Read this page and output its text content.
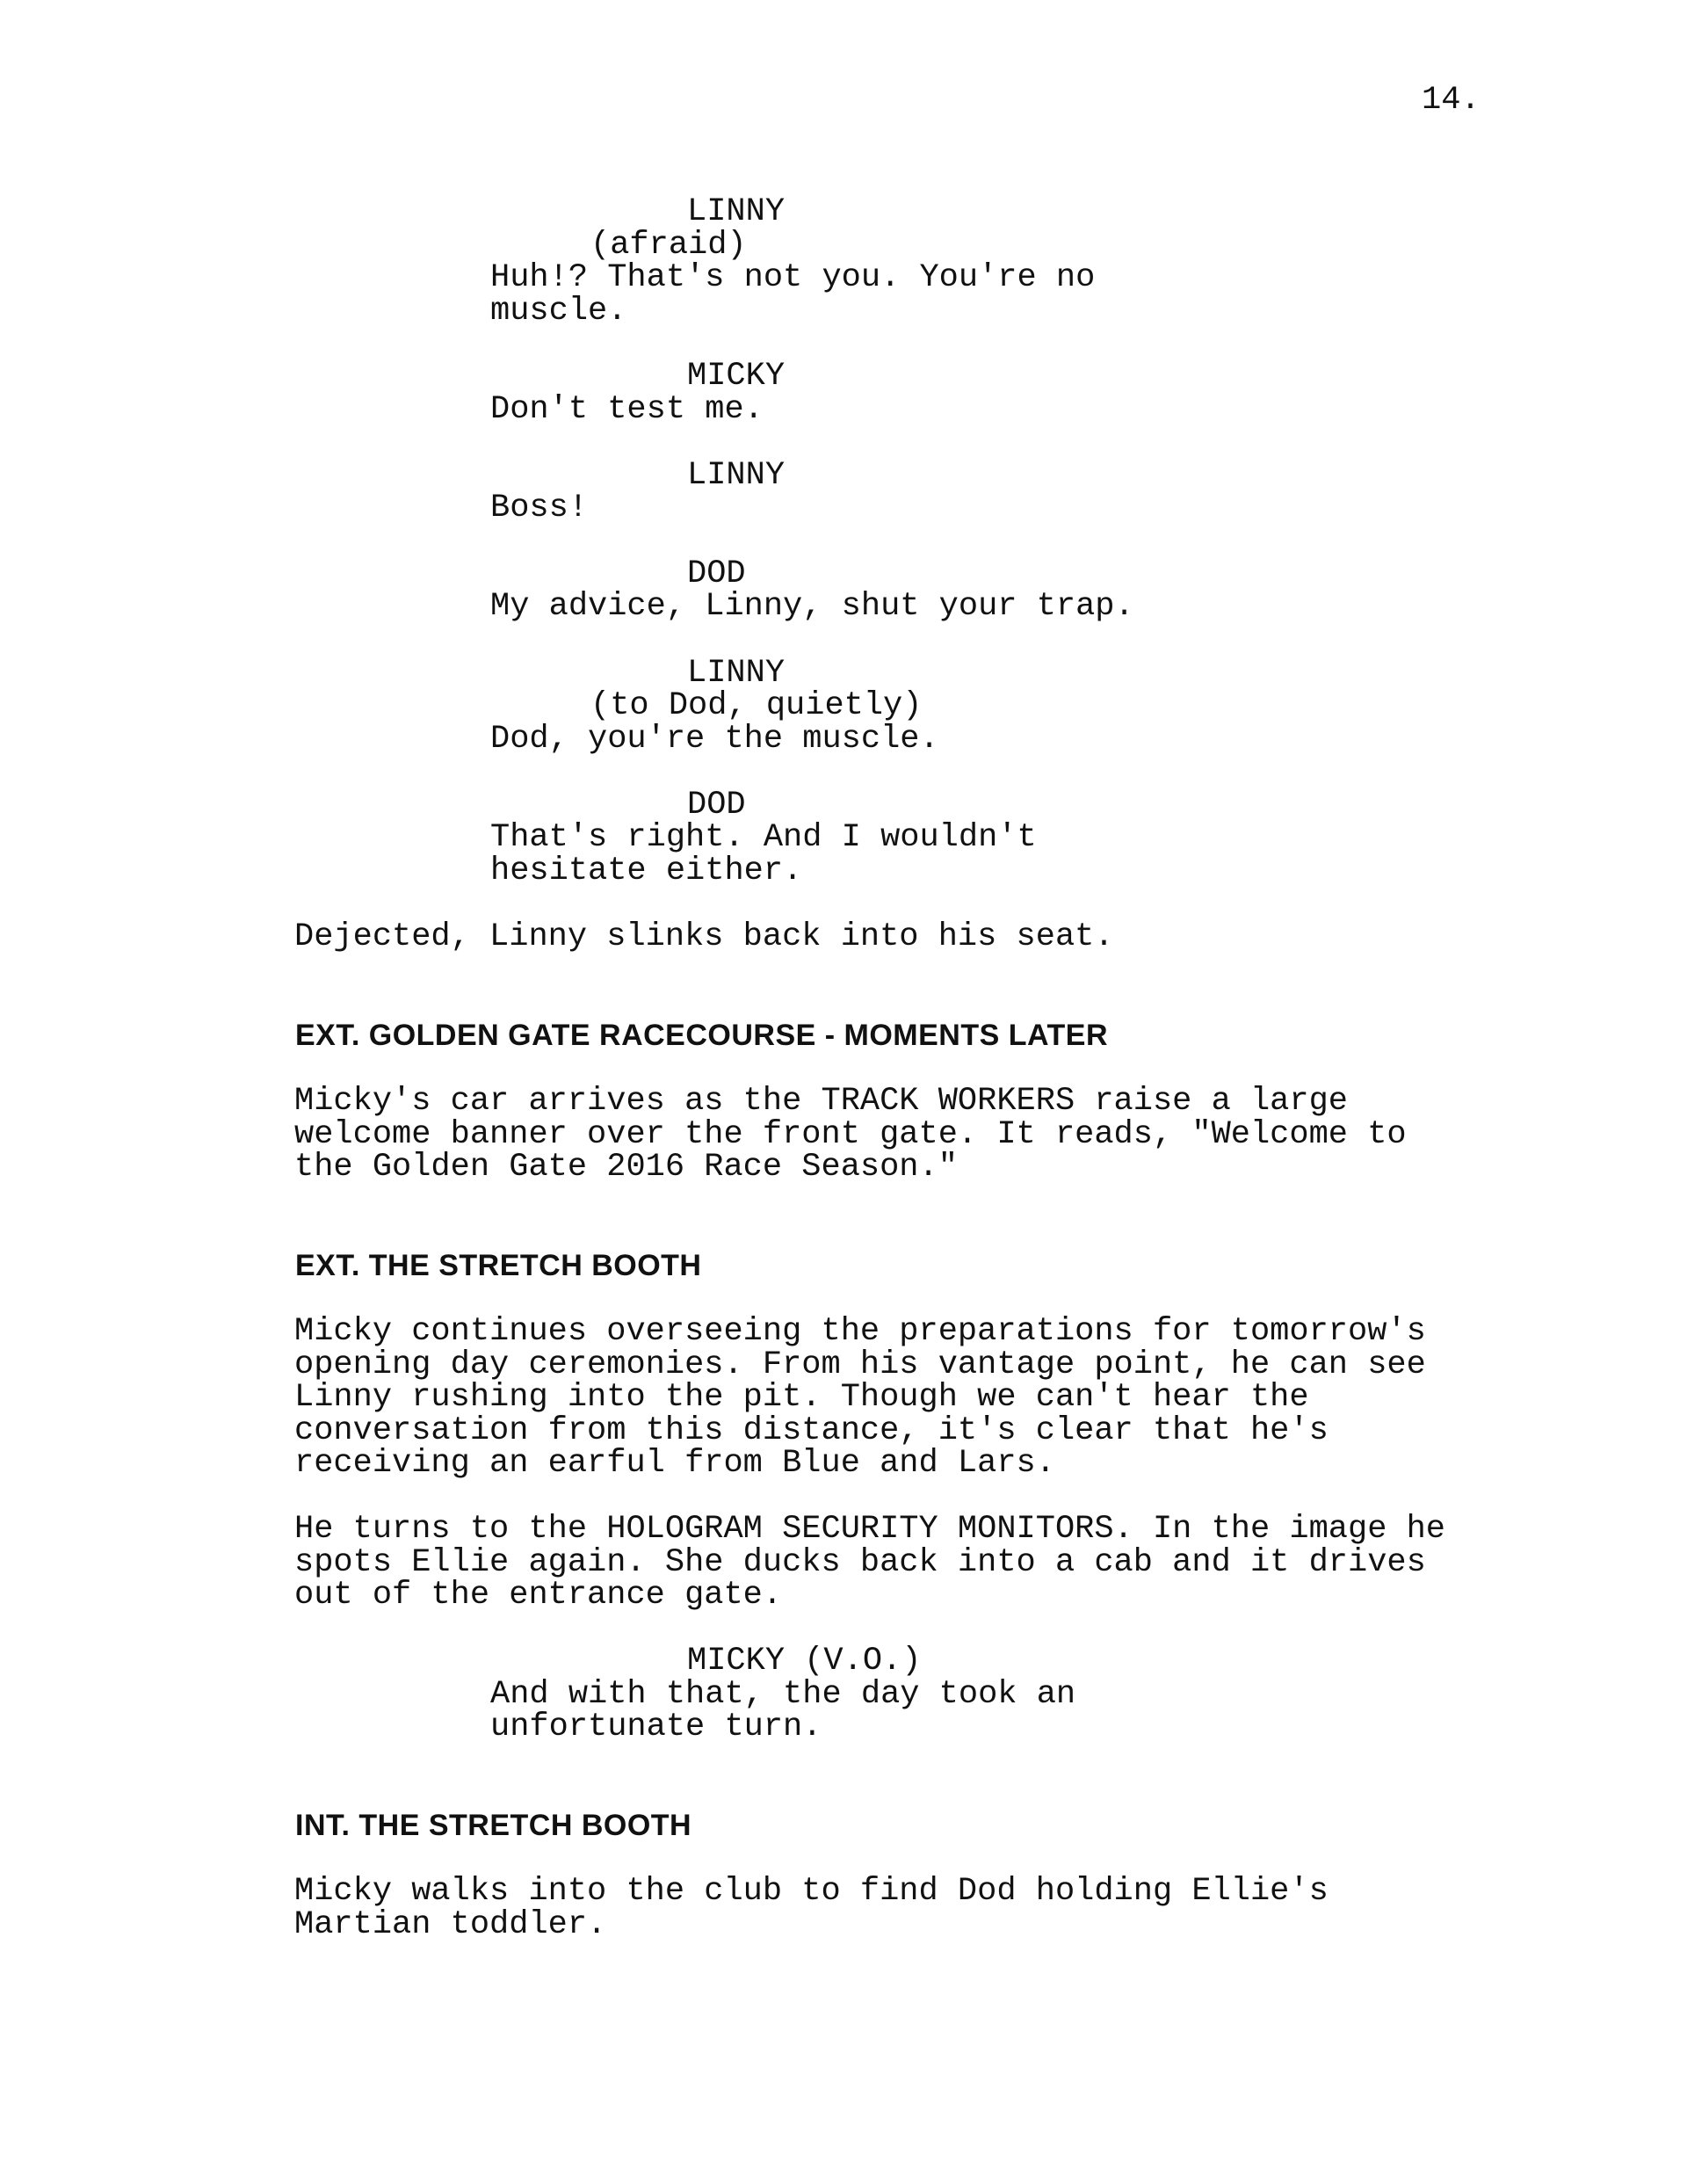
14.
LINNY
(afraid)
Huh!? That's not you. You're no
muscle.
MICKY
Don't test me.
LINNY
Boss!
DOD
My advice, Linny, shut your trap.
LINNY
(to Dod, quietly)
Dod, you're the muscle.
DOD
That's right. And I wouldn't
hesitate either.
Dejected, Linny slinks back into his seat.
EXT. GOLDEN GATE RACECOURSE - MOMENTS LATER
Micky's car arrives as the TRACK WORKERS raise a large
welcome banner over the front gate. It reads, "Welcome to
the Golden Gate 2016 Race Season."
EXT. THE STRETCH BOOTH
Micky continues overseeing the preparations for tomorrow's
opening day ceremonies. From his vantage point, he can see
Linny rushing into the pit. Though we can't hear the
conversation from this distance, it's clear that he's
receiving an earful from Blue and Lars.
He turns to the HOLOGRAM SECURITY MONITORS. In the image he
spots Ellie again. She ducks back into a cab and it drives
out of the entrance gate.
MICKY (V.O.)
And with that, the day took an
unfortunate turn.
INT. THE STRETCH BOOTH
Micky walks into the club to find Dod holding Ellie's
Martian toddler.
